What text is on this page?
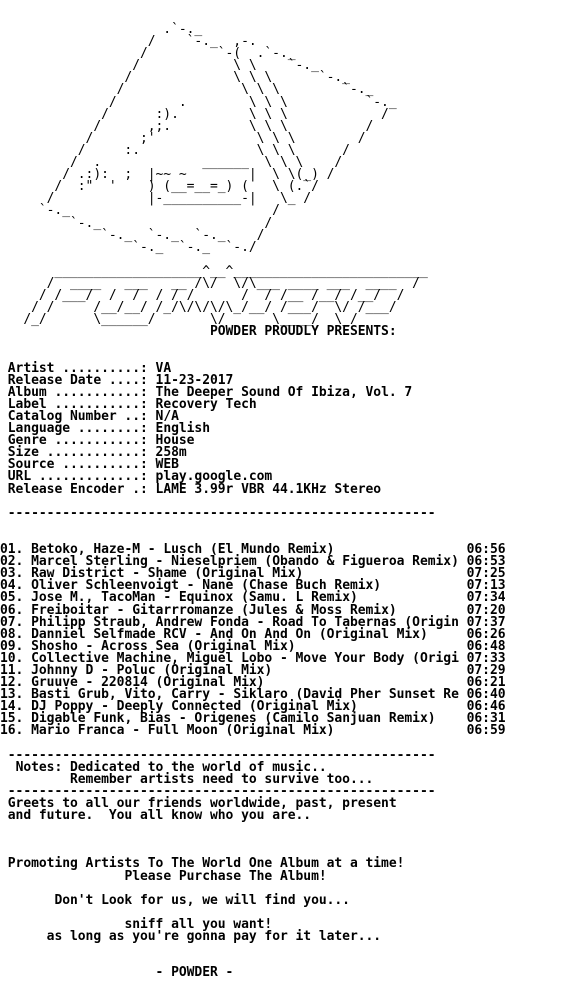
.`-._
/    `-._  ,-.
/         `-(  .`-._
/            \ \    `-._
/             \ \ \      `-._
/               \ \ \        `-._
/        .        \ \ \          `-._
/      :).         \ \ \            /
/      ,;.          \ \ \          /
/      ;'             \ \ \        /
/     :.               \ \ \      /
/  .             ______  \ \ \    /
/ .:):  ;  |~~ ~        |  \ \(_) /
/  :"  '    ) (__=__=_) (   \ (.`/
/            |-__________-|   \_ /
`-._                          /
`-._                     /
`-._  `-._  `-._    /
`-._  `-._  `-./

___________________^__^_________________________
/  ____   ___   __ /\/  \/\___ ____ ___  ____  /
/ /___/  /  /  / / /      /  / /__ /__/ /__/  /
/ /     /__/__/ /_/\/\/\/\_/__/ /___/  \/ /___/
/_/      \______/       \/      \____/  \_/
POWDER PROUDLY PRESENTS:

Artist ..........: VA
Release Date ....: 11-23-2017
Album ...........: The Deeper Sound Of Ibiza, Vol. 7
Label ...........: Recovery Tech
Catalog Number ..: N/A
Language ........: English
Genre ...........: House
Size ............: 258m
Source ..........: WEB
URL .............: play.google.com
Release Encoder .: LAME 3.99r VBR 44.1KHz Stereo

-------------------------------------------------------

01. Betoko, Haze-M - Lusch (El Mundo Remix)                 06:56
02. Marcel Sterling - Nieselpriem (Obando & Figueroa Remix) 06:53
03. Raw District - Shame (Original Mix)                     07:25
04. Oliver Schleenvoigt - Nane (Chase Buch Remix)           07:13
05. Jose M., TacoMan - Equinox (Samu. L Remix)              07:34
06. Freiboitar - Gitarrromanze (Jules & Moss Remix)         07:20
07. Philipp Straub, Andrew Fonda - Road To Tabernas (Origin 07:37
08. Danniel Selfmade RCV - And On And On (Original Mix)     06:26
09. Shosho - Across Sea (Original Mix)                      06:48
10. Collective Machine, Miguel Lobo - Move Your Body (Origi 07:33
11. Johnny D - Poluc (Original Mix)                         07:29
12. Gruuve - 220814 (Original Mix)                          06:21
13. Basti Grub, Vito, Carry - Siklaro (David Pher Sunset Re 06:40
14. DJ Poppy - Deeply Connected (Original Mix)              06:46
15. Digable Funk, Bias - Origenes (Camilo Sanjuan Remix)    06:31
16. Mario Franca - Full Moon (Original Mix)                 06:59

-------------------------------------------------------
Notes: Dedicated to the world of music..
Remember artists need to survive too...
-------------------------------------------------------
Greets to all our friends worldwide, past, present
and future.  You all know who you are..

Promoting Artists To The World One Album at a time!
Please Purchase The Album!

Don't Look for us, we will find you...

sniff all you want!
as long as you're gonna pay for it later...

- POWDER -
